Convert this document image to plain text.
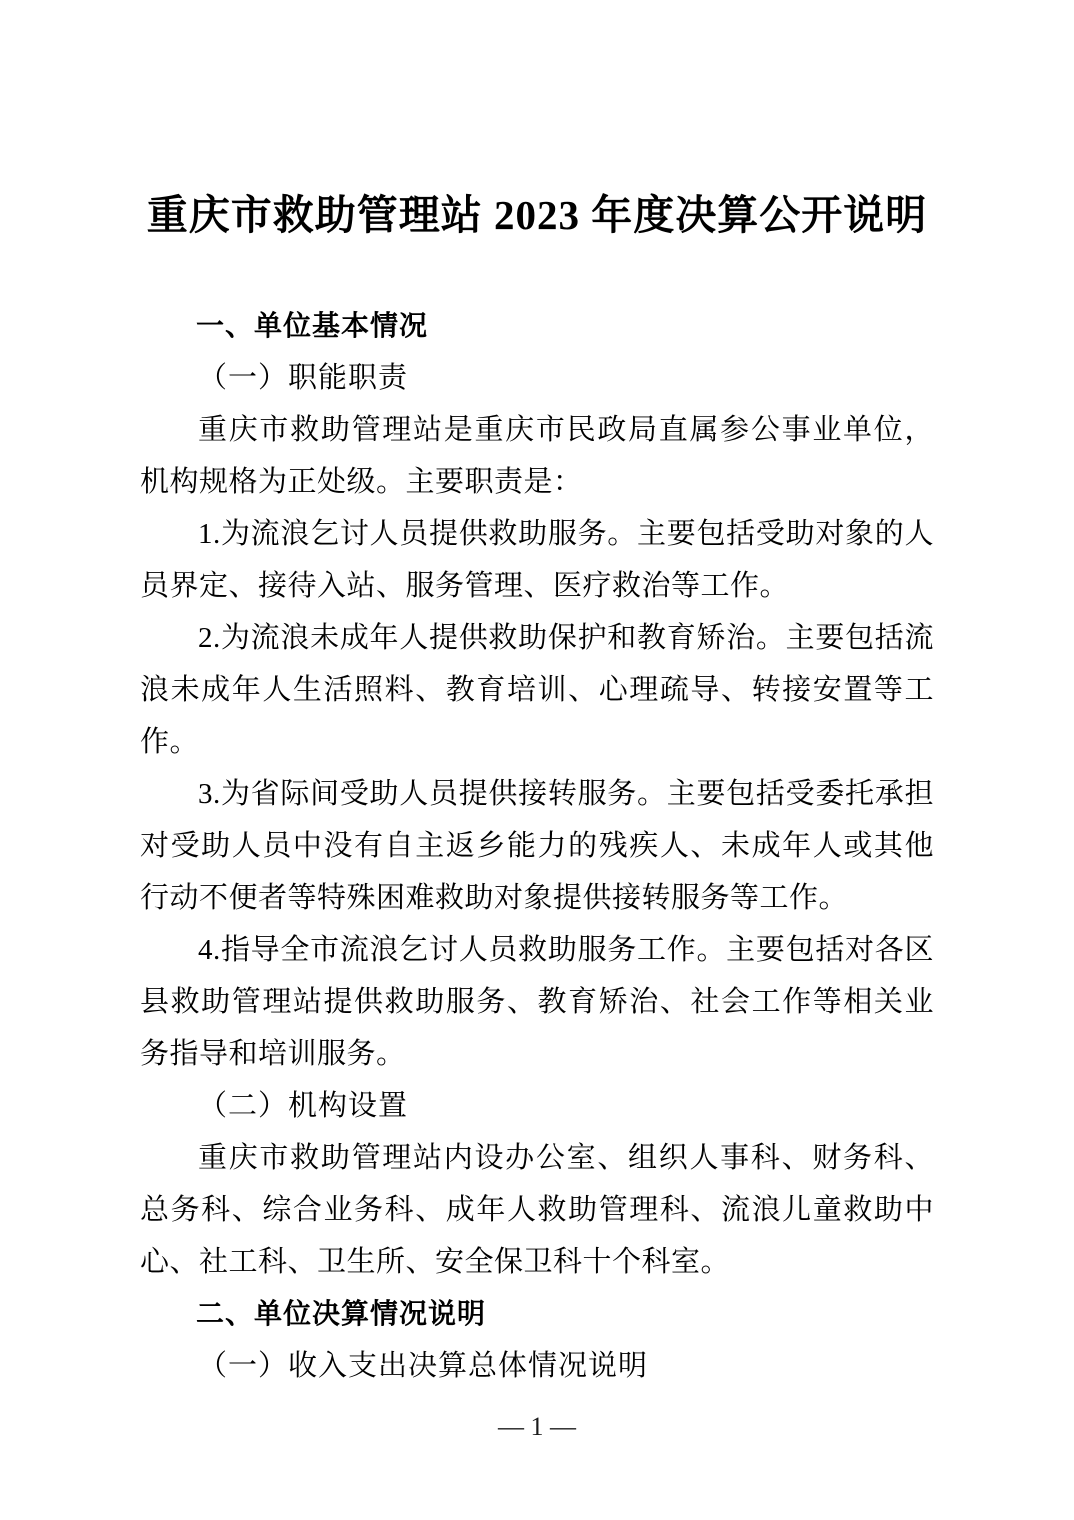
重庆市救助管理站 2023 年度决算公开说明
一、单位基本情况
（一）职能职责
重庆市救助管理站是重庆市民政局直属参公事业单位，机构规格为正处级。主要职责是：
1.为流浪乞讨人员提供救助服务。主要包括受助对象的人员界定、接待入站、服务管理、医疗救治等工作。
2.为流浪未成年人提供救助保护和教育矫治。主要包括流浪未成年人生活照料、教育培训、心理疏导、转接安置等工作。
3.为省际间受助人员提供接转服务。主要包括受委托承担对受助人员中没有自主返乡能力的残疾人、未成年人或其他行动不便者等特殊困难救助对象提供接转服务等工作。
4.指导全市流浪乞讨人员救助服务工作。主要包括对各区县救助管理站提供救助服务、教育矫治、社会工作等相关业务指导和培训服务。
（二）机构设置
重庆市救助管理站内设办公室、组织人事科、财务科、总务科、综合业务科、成年人救助管理科、流浪儿童救助中心、社工科、卫生所、安全保卫科十个科室。
二、单位决算情况说明
（一）收入支出决算总体情况说明
— 1 —
